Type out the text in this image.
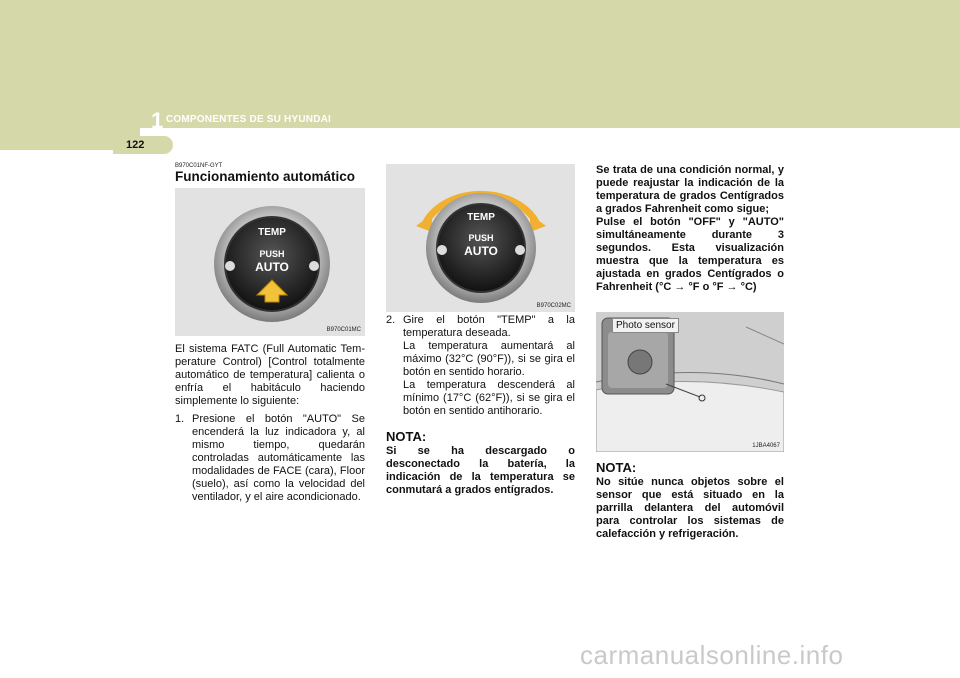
1 COMPONENTES DE SU HYUNDAI
122
B970C01NF-GYT
Funcionamiento automático
TEMP
PUSH
AUTO
B970C01MC

El sistema FATC (Full Automatic Tem-perature Control) [Control totalmente automático de temperatura] calienta o enfría el habitáculo haciendo simplemente lo siguiente:

1. Presione el botón "AUTO" Se encenderá la luz indicadora y, al mismo tiempo, quedarán controladas automáticamente las modalidades de FACE (cara), Floor (suelo), así como la velocidad del ventilador, y el aire acondicionado.
TEMP
PUSH
AUTO
B970C02MC
2. Gire el botón "TEMP" a la temperatura deseada.
La temperatura aumentará al máximo (32°C (90°F)), si se gira el botón en sentido horario.
La temperatura descenderá al mínimo (17°C (62°F)), si se gira el botón en sentido antihorario.
NOTA:

Si se ha descargado o desconectado la batería, la indicación de la temperatura se conmutará a grados entígrados.

Se trata de una condición normal, y puede reajustar la indicación de la temperatura de grados Centígrados a grados Fahrenheit como sigue;

Pulse el botón "OFF" y "AUTO" simultáneamente durante 3 segundos. Esta visualización muestra que la temperatura es ajustada en grados Centígrados o Fahrenheit (°C → °F o °F → °C)

Photo sensor
1JBA4067
NOTA:

No sitúe nunca objetos sobre el sensor que está situado en la parrilla delantera del automóvil para controlar los sistemas de calefacción y refrigeración.

carmanualsonline.info
